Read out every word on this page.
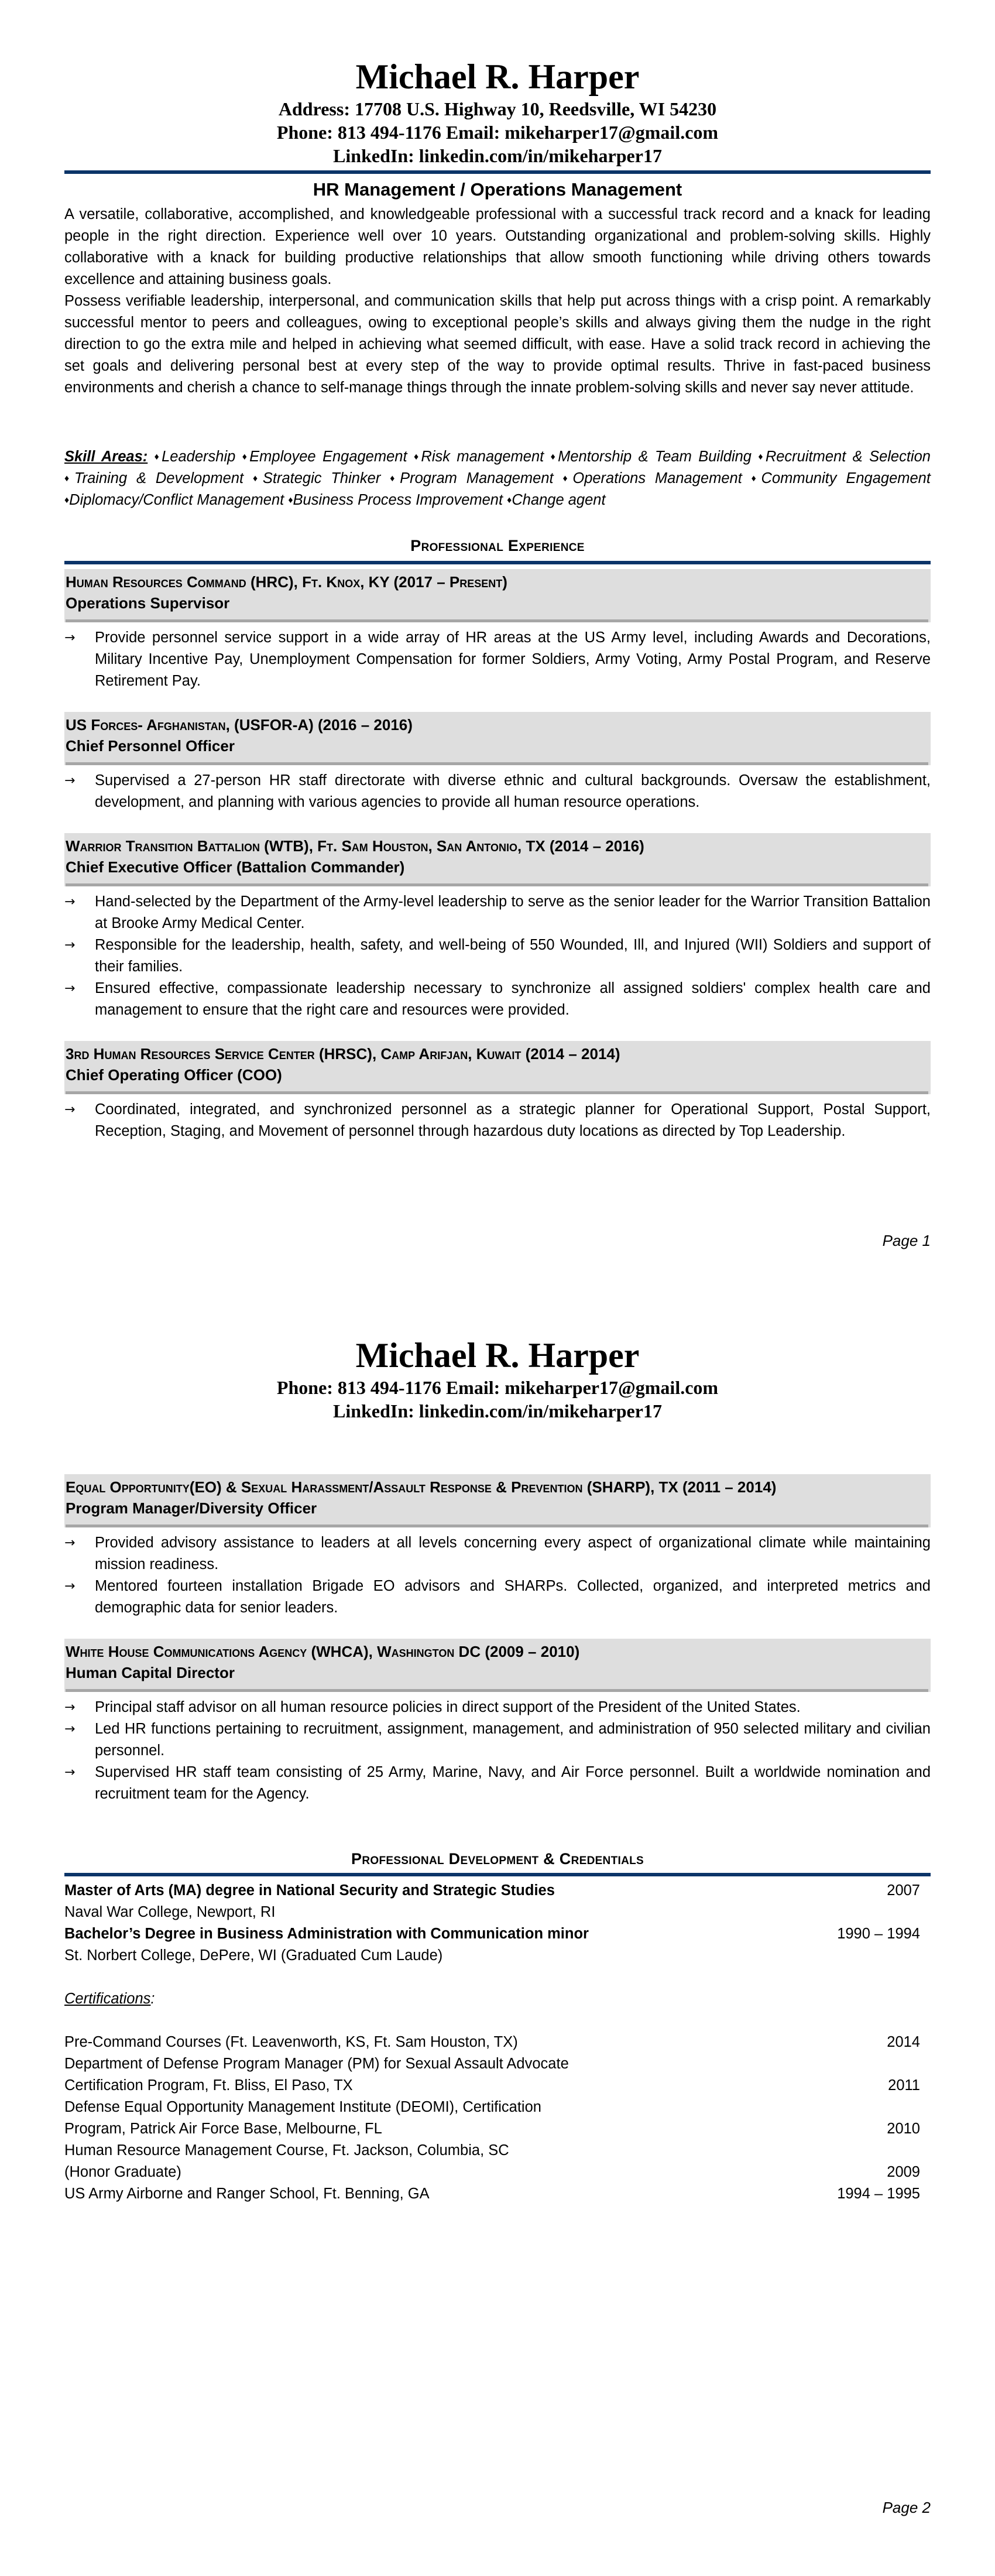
Michael R. Harper

Address: 17708 U.S. Highway 10, Reedsville, WI 54230

Phone: 813 494-1176 Email: mikeharper17@gmail.com

LinkedIn: linkedin.com/in/mikeharper17

HR Management / Operations Management

A versatile, collaborative, accomplished, and knowledgeable professional with a successful track record and a knack for leading people in the right direction. Experience well over 10 years. Outstanding organizational and problem-solving skills. Highly collaborative with a knack for building productive relationships that allow smooth functioning while driving others towards excellence and attaining business goals.

Possess verifiable leadership, interpersonal, and communication skills that help put across things with a crisp point. A remarkably successful mentor to peers and colleagues, owing to exceptional people’s skills and always giving them the nudge in the right direction to go the extra mile and helped in achieving what seemed difficult, with ease. Have a solid track record in achieving the set goals and delivering personal best at every step of the way to provide optimal results. Thrive in fast-paced business environments and cherish a chance to self-manage things through the innate problem-solving skills and never say never attitude.

Skill Areas: ♦Leadership ♦Employee Engagement ♦Risk management ♦Mentorship & Team Building ♦Recruitment & Selection ♦Training & Development ♦Strategic Thinker ♦Program Management ♦Operations Management ♦Community Engagement ♦Diplomacy/Conflict Management ♦Business Process Improvement ♦Change agent

Professional Experience
Human Resources Command (HRC), Ft. Knox, KY (2017 – Present)
Operations Supervisor
→ Provide personnel service support in a wide array of HR areas at the US Army level, including Awards and Decorations, Military Incentive Pay, Unemployment Compensation for former Soldiers, Army Voting, Army Postal Program, and Reserve Retirement Pay.
US Forces- Afghanistan, (USFOR-A) (2016 – 2016)
Chief Personnel Officer
→ Supervised a 27-person HR staff directorate with diverse ethnic and cultural backgrounds. Oversaw the establishment, development, and planning with various agencies to provide all human resource operations.
Warrior Transition Battalion (WTB), Ft. Sam Houston, San Antonio, TX (2014 – 2016)
Chief Executive Officer (Battalion Commander)
→ Hand-selected by the Department of the Army-level leadership to serve as the senior leader for the Warrior Transition Battalion at Brooke Army Medical Center.
→ Responsible for the leadership, health, safety, and well-being of 550 Wounded, Ill, and Injured (WII) Soldiers and support of their families.
→ Ensured effective, compassionate leadership necessary to synchronize all assigned soldiers' complex health care and management to ensure that the right care and resources were provided.
3rd Human Resources Service Center (HRSC), Camp Arifjan, Kuwait (2014 – 2014)
Chief Operating Officer (COO)
→ Coordinated, integrated, and synchronized personnel as a strategic planner for Operational Support, Postal Support, Reception, Staging, and Movement of personnel through hazardous duty locations as directed by Top Leadership.
Page 1
Michael R. Harper

Phone: 813 494-1176 Email: mikeharper17@gmail.com

LinkedIn: linkedin.com/in/mikeharper17

Equal Opportunity(EO) & Sexual Harassment/Assault Response & Prevention (SHARP), TX (2011 – 2014)
Program Manager/Diversity Officer
→ Provided advisory assistance to leaders at all levels concerning every aspect of organizational climate while maintaining mission readiness.
→ Mentored fourteen installation Brigade EO advisors and SHARPs. Collected, organized, and interpreted metrics and demographic data for senior leaders.
White House Communications Agency (WHCA), Washington DC (2009 – 2010)
Human Capital Director
→ Principal staff advisor on all human resource policies in direct support of the President of the United States.
→ Led HR functions pertaining to recruitment, assignment, management, and administration of 950 selected military and civilian personnel.
→ Supervised HR staff team consisting of 25 Army, Marine, Navy, and Air Force personnel. Built a worldwide nomination and recruitment team for the Agency.
Professional Development & Credentials
Master of Arts (MA) degree in National Security and Strategic Studies	2007
Naval War College, Newport, RI
Bachelor’s Degree in Business Administration with Communication minor	1990 – 1994
St. Norbert College, DePere, WI (Graduated Cum Laude)
Certifications:
Pre-Command Courses (Ft. Leavenworth, KS, Ft. Sam Houston, TX)	2014
Department of Defense Program Manager (PM) for Sexual Assault Advocate
Certification Program, Ft. Bliss, El Paso, TX	2011
Defense Equal Opportunity Management Institute (DEOMI), Certification
Program, Patrick Air Force Base, Melbourne, FL	2010
Human Resource Management Course, Ft. Jackson, Columbia, SC
(Honor Graduate)	2009
US Army Airborne and Ranger School, Ft. Benning, GA	1994 – 1995
Page 2
